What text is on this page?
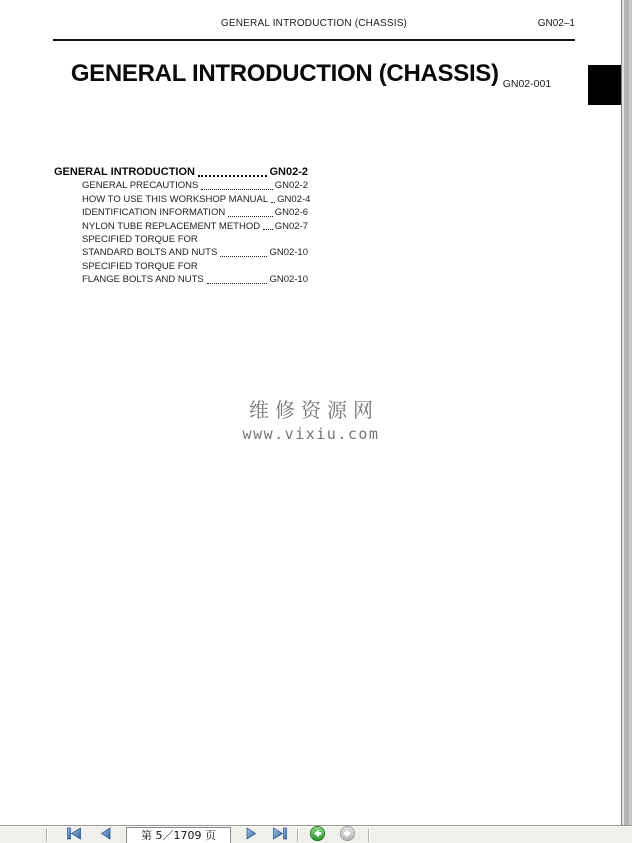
GENERAL INTRODUCTION (CHASSIS)	GN02–1
GENERAL INTRODUCTION (CHASSIS) $_{GN02-001}$
GENERAL INTRODUCTION	GN02-2
GENERAL PRECAUTIONS	GN02-2
HOW TO USE THIS WORKSHOP MANUAL GN02-4
IDENTIFICATION INFORMATION	GN02-6
NYLON TUBE REPLACEMENT METHOD GN02-7
SPECIFIED TORQUE FOR
STANDARD BOLTS AND NUTS	GN02-10
SPECIFIED TORQUE FOR
FLANGE BOLTS AND NUTS	GN02-10
维修资源网
www.vixiu.com
第 5／1709 页
